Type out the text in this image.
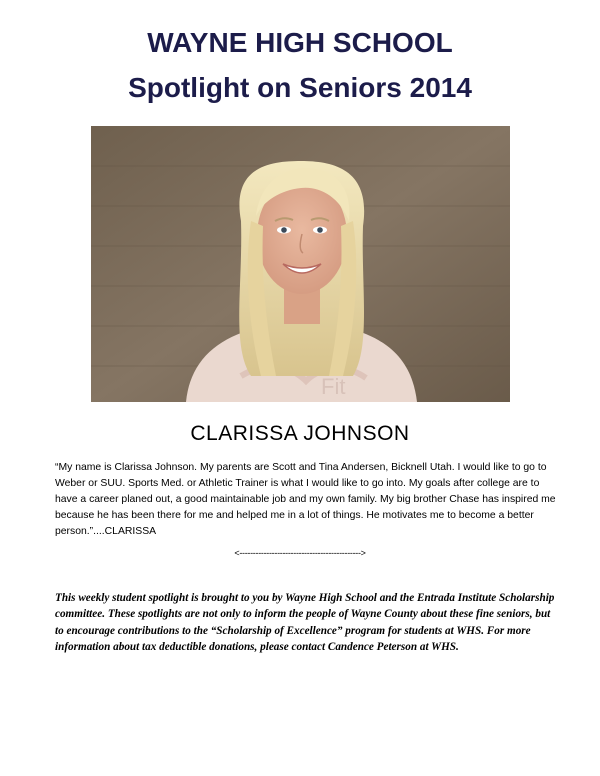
WAYNE HIGH SCHOOL
Spotlight on Seniors 2014
Fit
CLARISSA JOHNSON

“My name is Clarissa Johnson. My parents are Scott and Tina Andersen, Bicknell Utah. I would like to go to Weber or SUU. Sports Med. or Athletic Trainer is what I would like to go into. My goals after college are to have a career planed out, a good maintainable job and my own family. My big brother Chase has inspired me because he has been there for me and helped me in a lot of things. He motivates me to become a better person.”....CLARISSA

<--------------------------------------------->

This weekly student spotlight is brought to you by Wayne High School and the Entrada Institute Scholarship committee. These spotlights are not only to inform the people of Wayne County about these fine seniors, but to encourage contributions to the “Scholarship of Excellence” program for students at WHS. For more information about tax deductible donations, please contact Candence Peterson at WHS.
